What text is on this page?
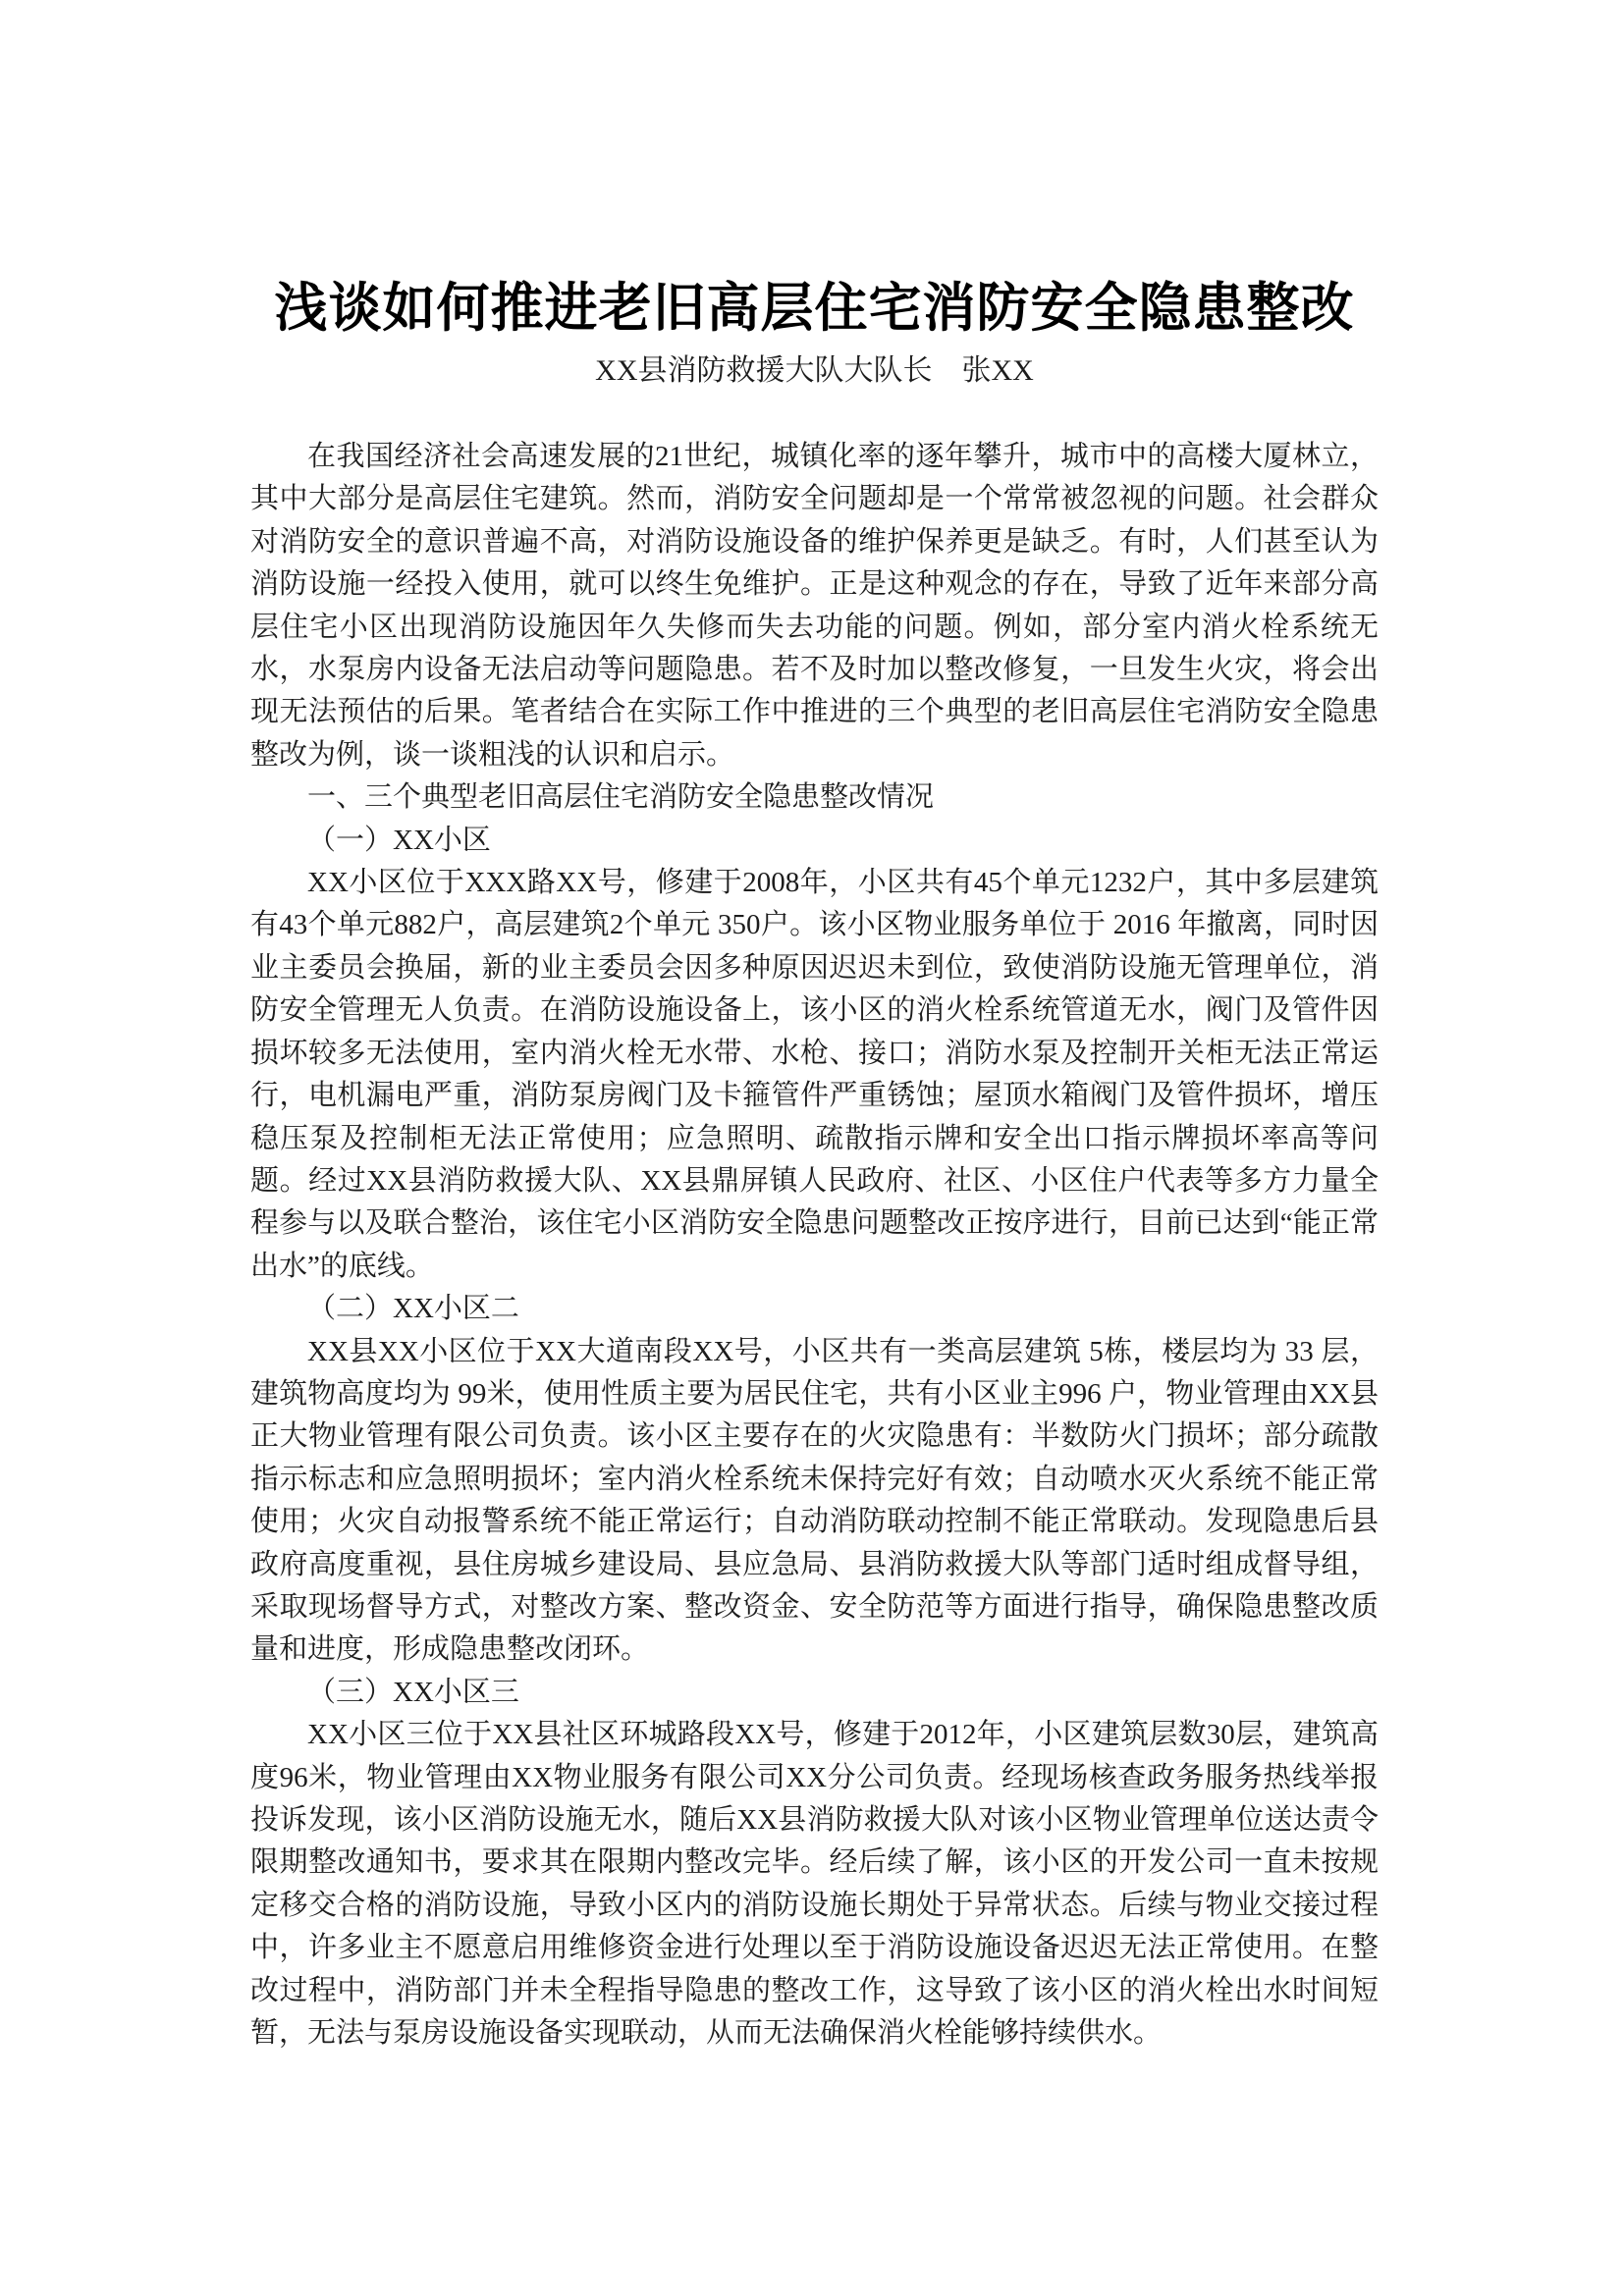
浅谈如何推进老旧高层住宅消防安全隐患整改
XX县消防救援大队大队长　张XX

在我国经济社会高速发展的21世纪，城镇化率的逐年攀升，城市中的高楼大厦林立，其中大部分是高层住宅建筑。然而，消防安全问题却是一个常常被忽视的问题。社会群众对消防安全的意识普遍不高，对消防设施设备的维护保养更是缺乏。有时，人们甚至认为消防设施一经投入使用，就可以终生免维护。正是这种观念的存在，导致了近年来部分高层住宅小区出现消防设施因年久失修而失去功能的问题。例如，部分室内消火栓系统无水，水泵房内设备无法启动等问题隐患。若不及时加以整改修复，一旦发生火灾，将会出现无法预估的后果。笔者结合在实际工作中推进的三个典型的老旧高层住宅消防安全隐患整改为例，谈一谈粗浅的认识和启示。

一、三个典型老旧高层住宅消防安全隐患整改情况

（一）XX小区

XX小区位于XXX路XX号，修建于2008年，小区共有45个单元1232户，其中多层建筑有43个单元882户，高层建筑2个单元 350户。该小区物业服务单位于 2016 年撤离，同时因业主委员会换届，新的业主委员会因多种原因迟迟未到位，致使消防设施无管理单位，消防安全管理无人负责。在消防设施设备上，该小区的消火栓系统管道无水，阀门及管件因损坏较多无法使用，室内消火栓无水带、水枪、接口；消防水泵及控制开关柜无法正常运行，电机漏电严重，消防泵房阀门及卡箍管件严重锈蚀；屋顶水箱阀门及管件损坏，增压稳压泵及控制柜无法正常使用；应急照明、疏散指示牌和安全出口指示牌损坏率高等问题。经过XX县消防救援大队、XX县鼎屏镇人民政府、社区、小区住户代表等多方力量全程参与以及联合整治，该住宅小区消防安全隐患问题整改正按序进行，目前已达到“能正常出水”的底线。

（二）XX小区二

XX县XX小区位于XX大道南段XX号，小区共有一类高层建筑 5栋，楼层均为 33 层，建筑物高度均为 99米，使用性质主要为居民住宅，共有小区业主996 户，物业管理由XX县正大物业管理有限公司负责。该小区主要存在的火灾隐患有：半数防火门损坏；部分疏散指示标志和应急照明损坏；室内消火栓系统未保持完好有效；自动喷水灭火系统不能正常使用；火灾自动报警系统不能正常运行；自动消防联动控制不能正常联动。发现隐患后县政府高度重视，县住房城乡建设局、县应急局、县消防救援大队等部门适时组成督导组，采取现场督导方式，对整改方案、整改资金、安全防范等方面进行指导，确保隐患整改质量和进度，形成隐患整改闭环。

（三）XX小区三

XX小区三位于XX县社区环城路段XX号，修建于2012年，小区建筑层数30层，建筑高度96米，物业管理由XX物业服务有限公司XX分公司负责。经现场核查政务服务热线举报投诉发现，该小区消防设施无水，随后XX县消防救援大队对该小区物业管理单位送达责令限期整改通知书，要求其在限期内整改完毕。经后续了解，该小区的开发公司一直未按规定移交合格的消防设施，导致小区内的消防设施长期处于异常状态。后续与物业交接过程中，许多业主不愿意启用维修资金进行处理以至于消防设施设备迟迟无法正常使用。在整改过程中，消防部门并未全程指导隐患的整改工作，这导致了该小区的消火栓出水时间短暂，无法与泵房设施设备实现联动，从而无法确保消火栓能够持续供水。
